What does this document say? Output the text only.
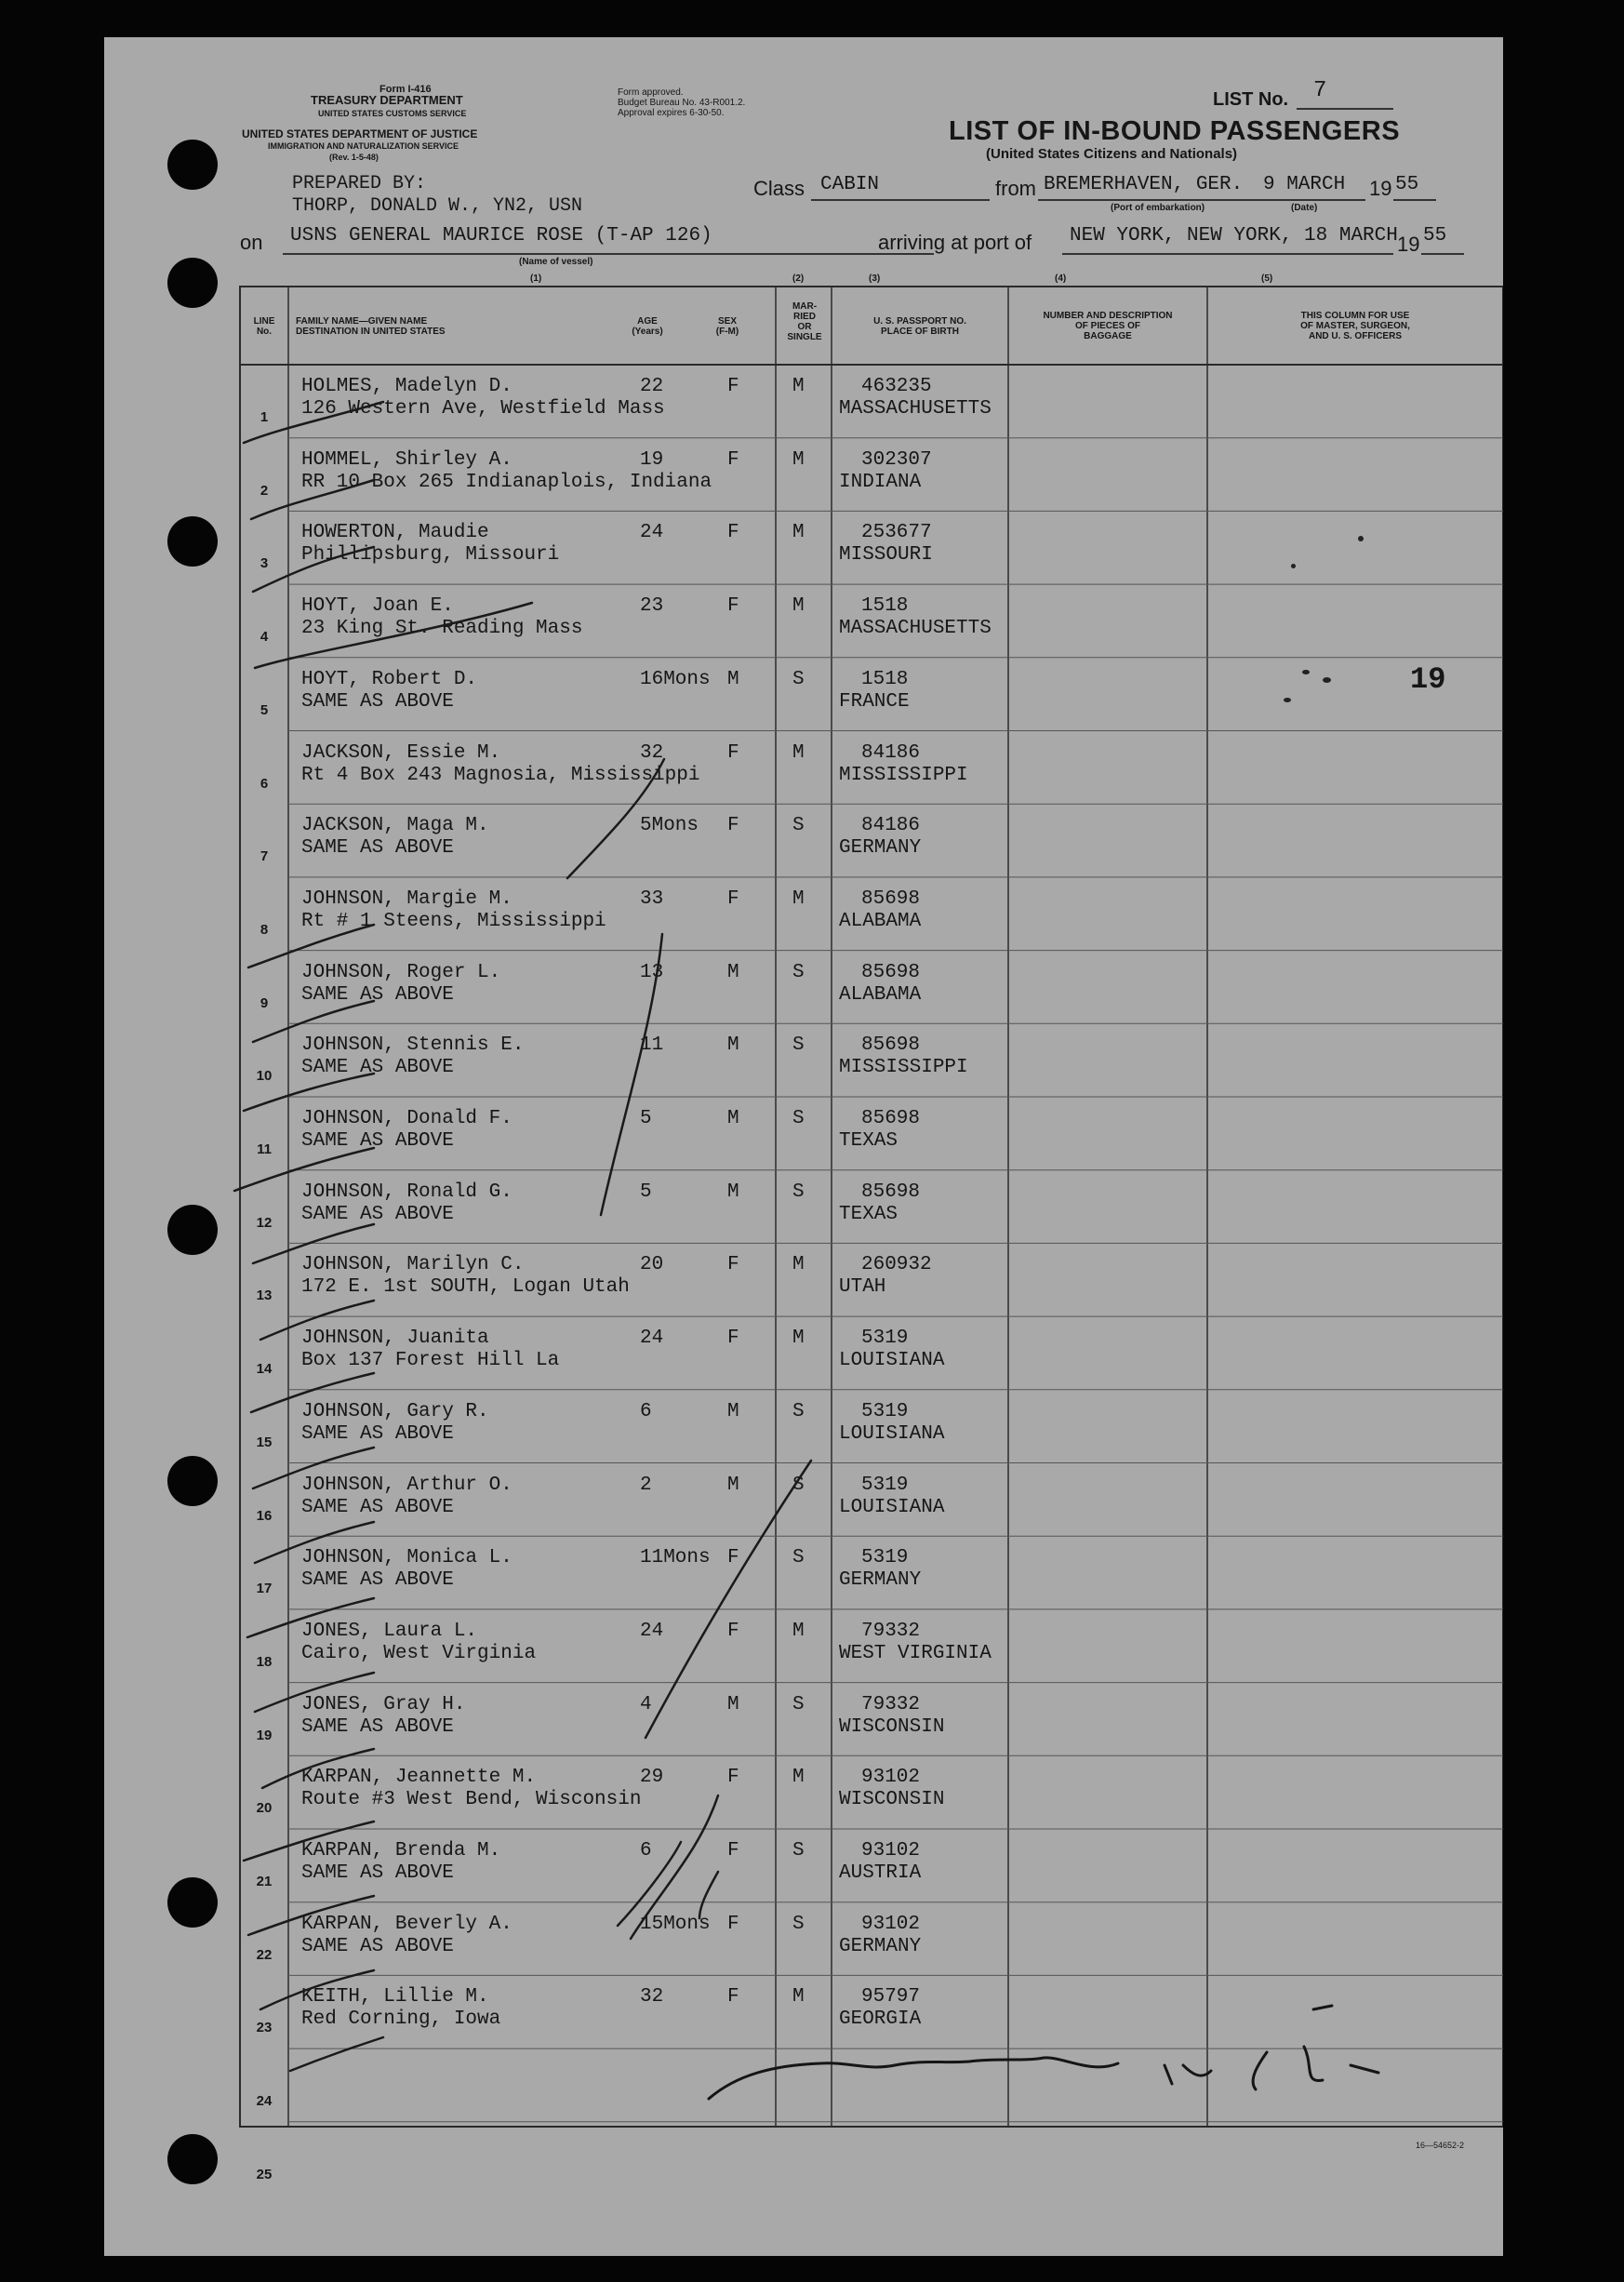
Form I-416
TREASURY DEPARTMENT
UNITED STATES CUSTOMS SERVICE
UNITED STATES DEPARTMENT OF JUSTICE
IMMIGRATION AND NATURALIZATION SERVICE
(Rev. 1-5-48)
Form approved.
Budget Bureau No. 43-R001.2.
Approval expires 6-30-50.
LIST No. 7
LIST OF IN-BOUND PASSENGERS
(United States Citizens and Nationals)
PREPARED BY:
THORP, DONALD W., YN2, USN
Class CABIN	from BREMERHAVEN, GER. 9 MARCH 19 55
(Port of embarkation)	(Date)
on USNS GENERAL MAURICE ROSE (T-AP 126)
(Name of vessel)
arriving at port of NEW YORK, NEW YORK, 18 MARCH 19 55
(1)	(2)	(3)	(4)	(5)
LINE
No.
FAMILY NAME—GIVEN NAME
DESTINATION IN UNITED STATES
AGE
(Years)
SEX
(F-M)
MAR-
RIED
OR
SINGLE
U. S. PASSPORT NO.
PLACE OF BIRTH
NUMBER AND DESCRIPTION
OF PIECES OF
BAGGAGE
THIS COLUMN FOR USE
OF MASTER, SURGEON,
AND U. S. OFFICERS
1
HOLMES, Madelyn D.
126 Western Ave, Westfield Mass
22	F	M	463235
MASSACHUSETTS
2
HOMMEL, Shirley A.
RR 10 Box 265 Indianaplois, Indiana
19	F	M	302307
INDIANA
3
HOWERTON, Maudie
Phillipsburg, Missouri
24	F	M	253677
MISSOURI
4
HOYT, Joan E.
23 King St. Reading Mass
23	F	M	1518
MASSACHUSETTS
5
HOYT, Robert D.
SAME AS ABOVE
16Mons M	S	1518
FRANCE
6
JACKSON, Essie M.
Rt 4 Box 243 Magnosia, Mississippi
32	F	M	84186
MISSISSIPPI
7
JACKSON, Maga M.
SAME AS ABOVE
5Mons F	S	84186
GERMANY
8
JOHNSON, Margie M.
Rt # 1 Steens, Mississippi
33	F	M	85698
ALABAMA
9
JOHNSON, Roger L.
SAME AS ABOVE
13	M	S	85698
ALABAMA
10
JOHNSON, Stennis E.
SAME AS ABOVE
11	M	S	85698
MISSISSIPPI
11
JOHNSON, Donald F.
SAME AS ABOVE
5	M	S	85698
TEXAS
12
JOHNSON, Ronald G.
SAME AS ABOVE
5	M	S	85698
TEXAS
13
JOHNSON, Marilyn C.
172 E. 1st SOUTH, Logan Utah
20	F	M	260932
UTAH
14
JOHNSON, Juanita
Box 137 Forest Hill La
24	F	M	5319
LOUISIANA
15
JOHNSON, Gary R.
SAME AS ABOVE
6	M	S	5319
LOUISIANA
16
JOHNSON, Arthur O.
SAME AS ABOVE
2	M	S	5319
LOUISIANA
17
JOHNSON, Monica L.
SAME AS ABOVE
11Mons F	S	5319
GERMANY
18
JONES, Laura L.
Cairo, West Virginia
24	F	M	79332
WEST VIRGINIA
19
JONES, Gray H.
SAME AS ABOVE
4	M	S	79332
WISCONSIN
20
KARPAN, Jeannette M.
Route #3 West Bend, Wisconsin
29	F	M	93102
WISCONSIN
21
KARPAN, Brenda M.
SAME AS ABOVE
6	F	S	93102
AUSTRIA
22
KARPAN, Beverly A.
SAME AS ABOVE
15Mons F	S	93102
GERMANY
23
KEITH, Lillie M.
Red Corning, Iowa
32	F	M	95797
GEORGIA
24
25
19
16—54652-2
